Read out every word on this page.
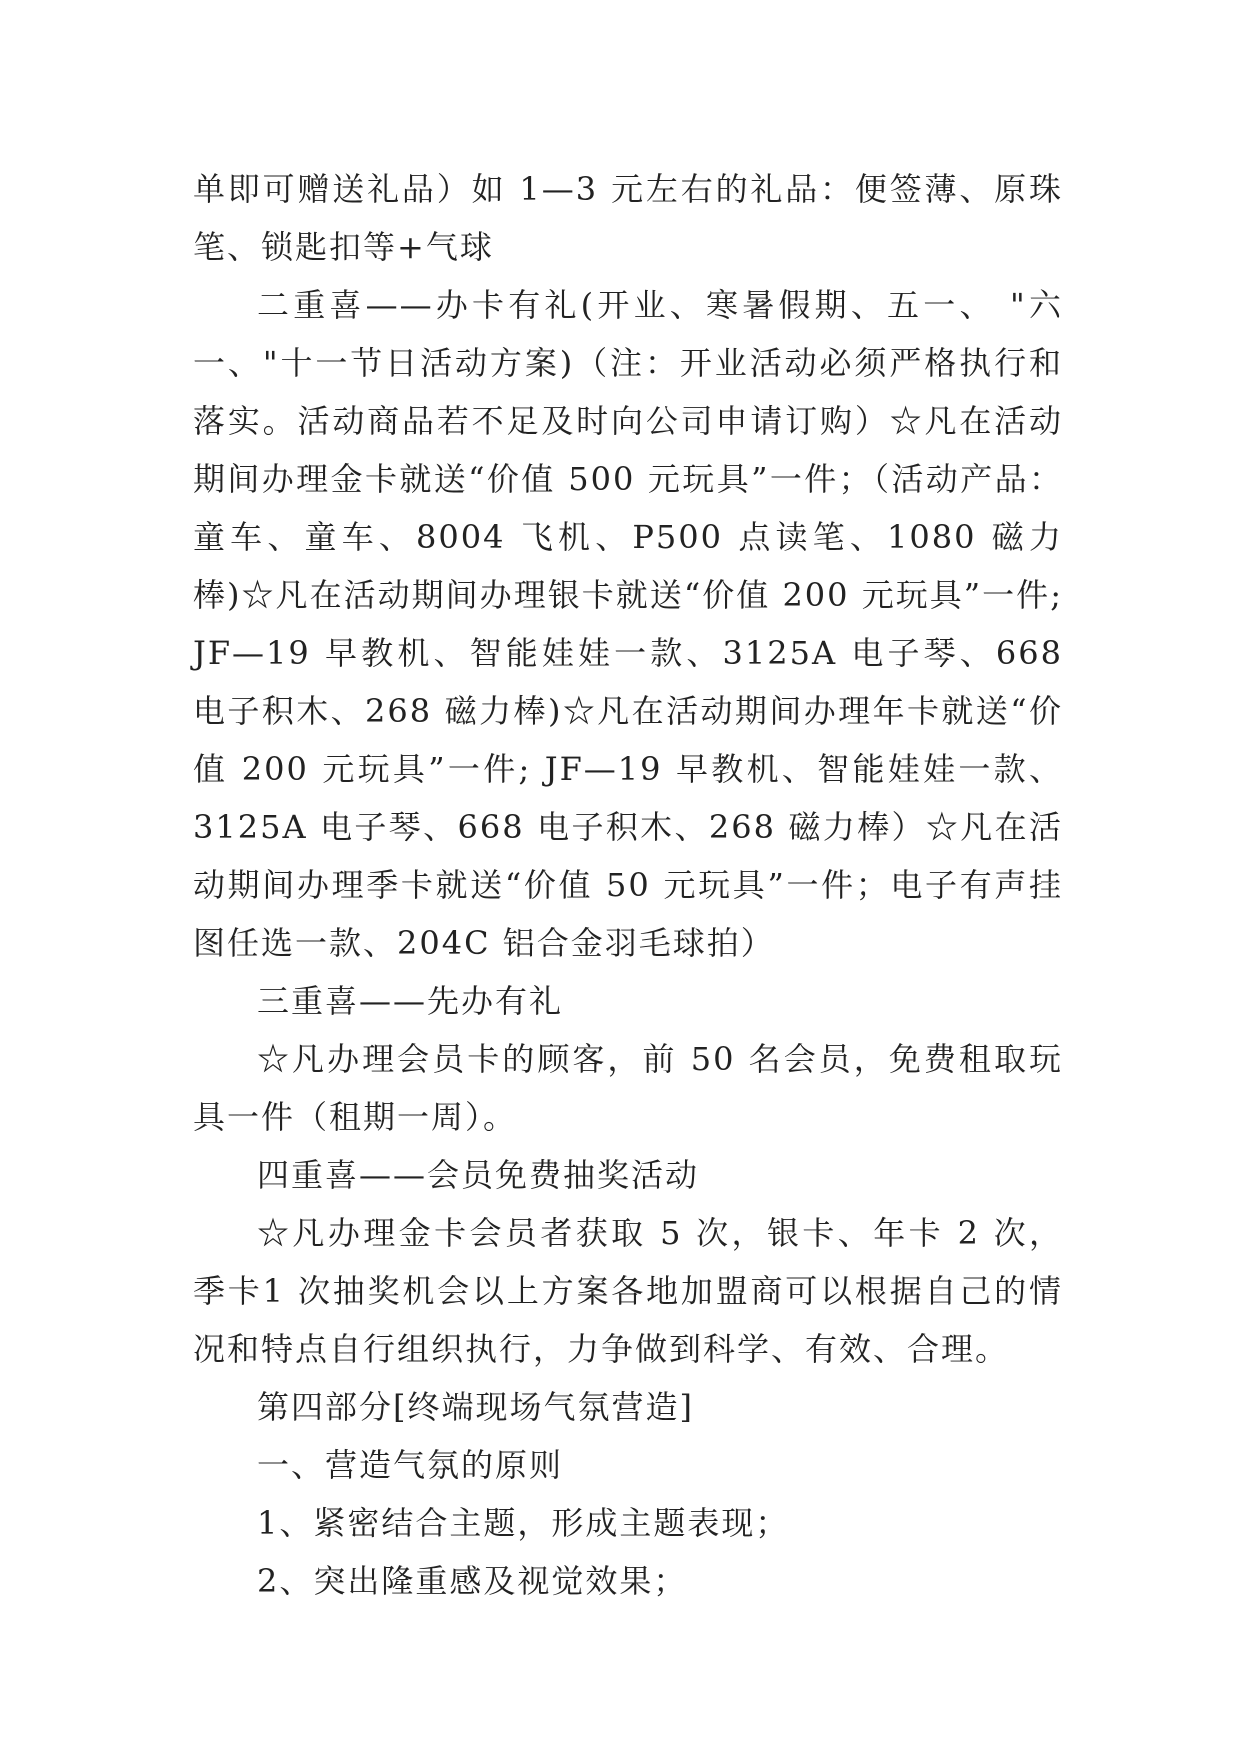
单即可赠送礼品）如 1—3 元左右的礼品：便签薄、原珠笔、锁匙扣等+气球

二重喜——办卡有礼(开业、寒暑假期、五一、 "六一、"十一节日活动方案)（注：开业活动必须严格执行和落实。活动商品若不足及时向公司申请订购）☆凡在活动期间办理金卡就送“价值 500 元玩具”一件；（活动产品：童车、童车、8004 飞机、P500 点读笔、1080 磁力棒)☆凡在活动期间办理银卡就送“价值 200 元玩具”一件; JF—19 早教机、智能娃娃一款、3125A 电子琴、668 电子积木、268 磁力棒)☆凡在活动期间办理年卡就送“价值 200 元玩具”一件; JF—19 早教机、智能娃娃一款、3125A 电子琴、668 电子积木、268 磁力棒）☆凡在活动期间办理季卡就送“价值 50 元玩具”一件；电子有声挂图任选一款、204C 铝合金羽毛球拍）

三重喜——先办有礼

☆凡办理会员卡的顾客，前 50 名会员，免费租取玩具一件（租期一周）。

四重喜——会员免费抽奖活动

☆凡办理金卡会员者获取 5 次，银卡、年卡 2 次，季卡1 次抽奖机会以上方案各地加盟商可以根据自己的情况和特点自行组织执行，力争做到科学、有效、合理。

第四部分[终端现场气氛营造]

一、营造气氛的原则

1、紧密结合主题，形成主题表现；

2、突出隆重感及视觉效果；
